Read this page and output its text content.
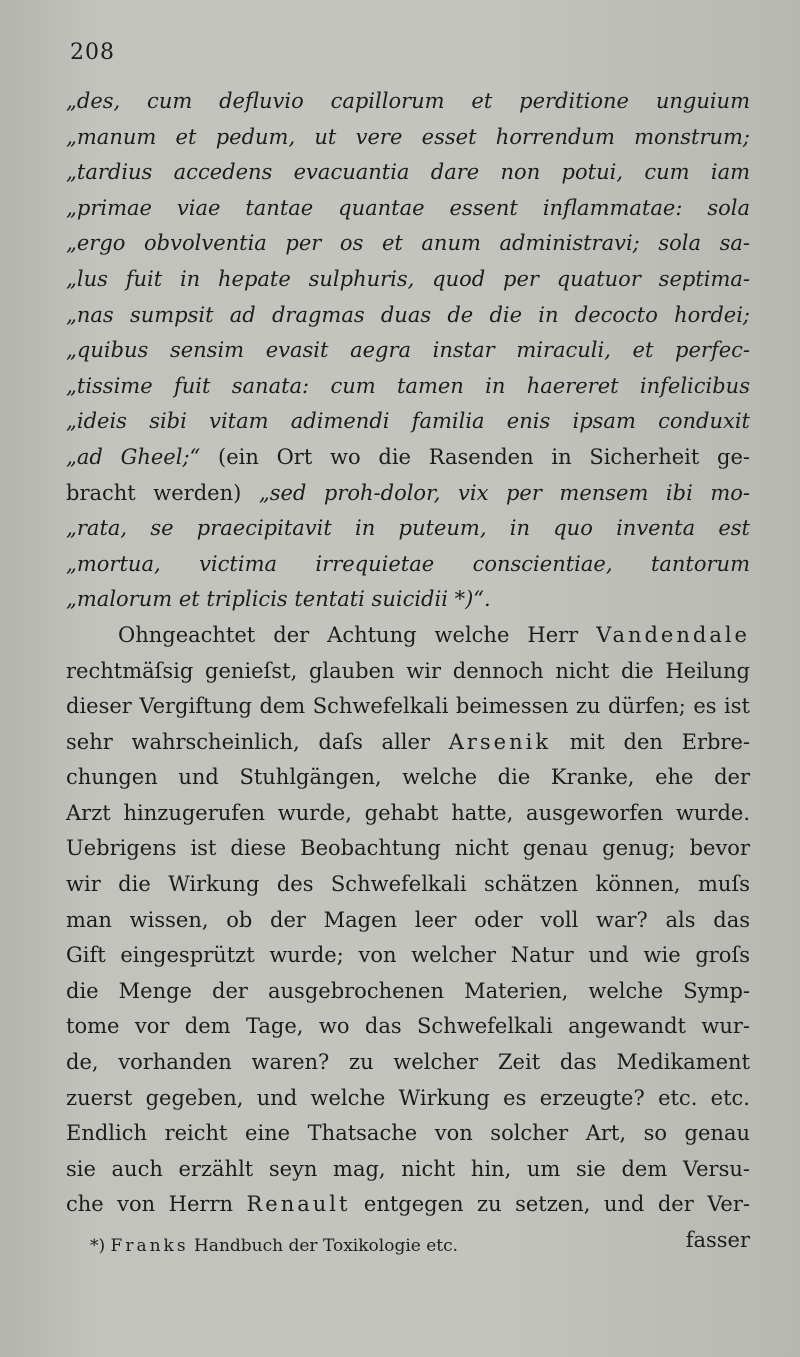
208
„des, cum defluvio capillorum et perditione unguium
„manum et pedum, ut vere esset horrendum monstrum;
„tardius accedens evacuantia dare non potui, cum iam
„primae viae tantae quantae essent inflammatae: sola
„ergo obvolventia per os et anum administravi; sola sa-
„lus fuit in hepate sulphuris, quod per quatuor septima-
„nas sumpsit ad dragmas duas de die in decocto hordei;
„quibus sensim evasit aegra instar miraculi, et perfec-
„tissime fuit sanata: cum tamen in haereret infelicibus
„ideis sibi vitam adimendi familia enis ipsam conduxit
„ad Gheel;“ (ein Ort wo die Rasenden in Sicherheit ge-
bracht werden) „sed proh-dolor, vix per mensem ibi mo-
„rata, se praecipitavit in puteum, in quo inventa est
„mortua, victima irrequietae conscientiae, tantorum
„malorum et triplicis tentati suicidii *)“.
Ohngeachtet der Achtung welche Herr Vandendale
rechtmäſsig genieſst, glauben wir dennoch nicht die Heilung
dieser Vergiftung dem Schwefelkali beimessen zu dürfen; es ist
sehr wahrscheinlich, daſs aller Arsenik mit den Erbre-
chungen und Stuhlgängen, welche die Kranke, ehe der
Arzt hinzugerufen wurde, gehabt hatte, ausgeworfen wurde.
Uebrigens ist diese Beobachtung nicht genau genug; bevor
wir die Wirkung des Schwefelkali schätzen können, muſs
man wissen, ob der Magen leer oder voll war? als das
Gift eingesprützt wurde; von welcher Natur und wie groſs
die Menge der ausgebrochenen Materien, welche Symp-
tome vor dem Tage, wo das Schwefelkali angewandt wur-
de, vorhanden waren? zu welcher Zeit das Medikament
zuerst gegeben, und welche Wirkung es erzeugte? etc. etc.
Endlich reicht eine Thatsache von solcher Art, so genau
sie auch erzählt seyn mag, nicht hin, um sie dem Versu-
che von Herrn Renault entgegen zu setzen, und der Ver-
fasser
*) Franks Handbuch der Toxikologie etc.
